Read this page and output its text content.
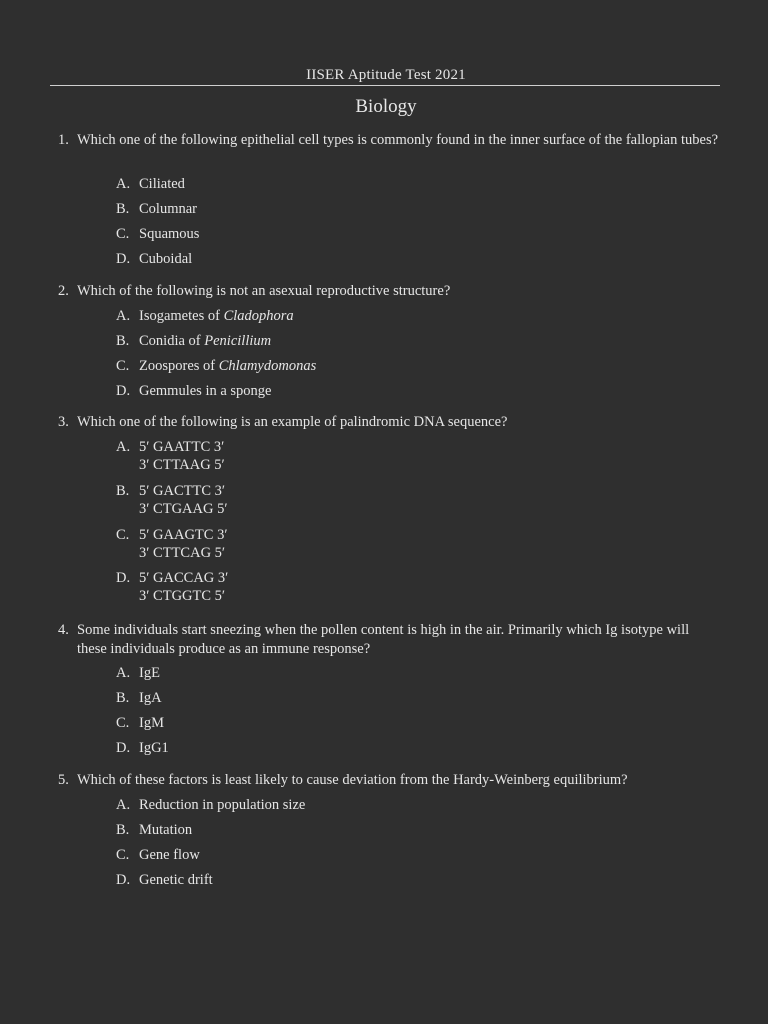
IISER Aptitude Test 2021
Biology
1. Which one of the following epithelial cell types is commonly found in the inner surface of the fallopian tubes?
A. Ciliated
B. Columnar
C. Squamous
D. Cuboidal
2. Which of the following is not an asexual reproductive structure?
A. Isogametes of Cladophora
B. Conidia of Penicillium
C. Zoospores of Chlamydomonas
D. Gemmules in a sponge
3. Which one of the following is an example of palindromic DNA sequence?
A. 5′ GAATTC 3′
3′ CTTAAG 5′
B. 5′ GACTTC 3′
3′ CTGAAG 5′
C. 5′ GAAGTC 3′
3′ CTTCAG 5′
D. 5′ GACCAG 3′
3′ CTGGTC 5′
4. Some individuals start sneezing when the pollen content is high in the air. Primarily which Ig isotype will these individuals produce as an immune response?
A. IgE
B. IgA
C. IgM
D. IgG1
5. Which of these factors is least likely to cause deviation from the Hardy-Weinberg equilibrium?
A. Reduction in population size
B. Mutation
C. Gene flow
D. Genetic drift
